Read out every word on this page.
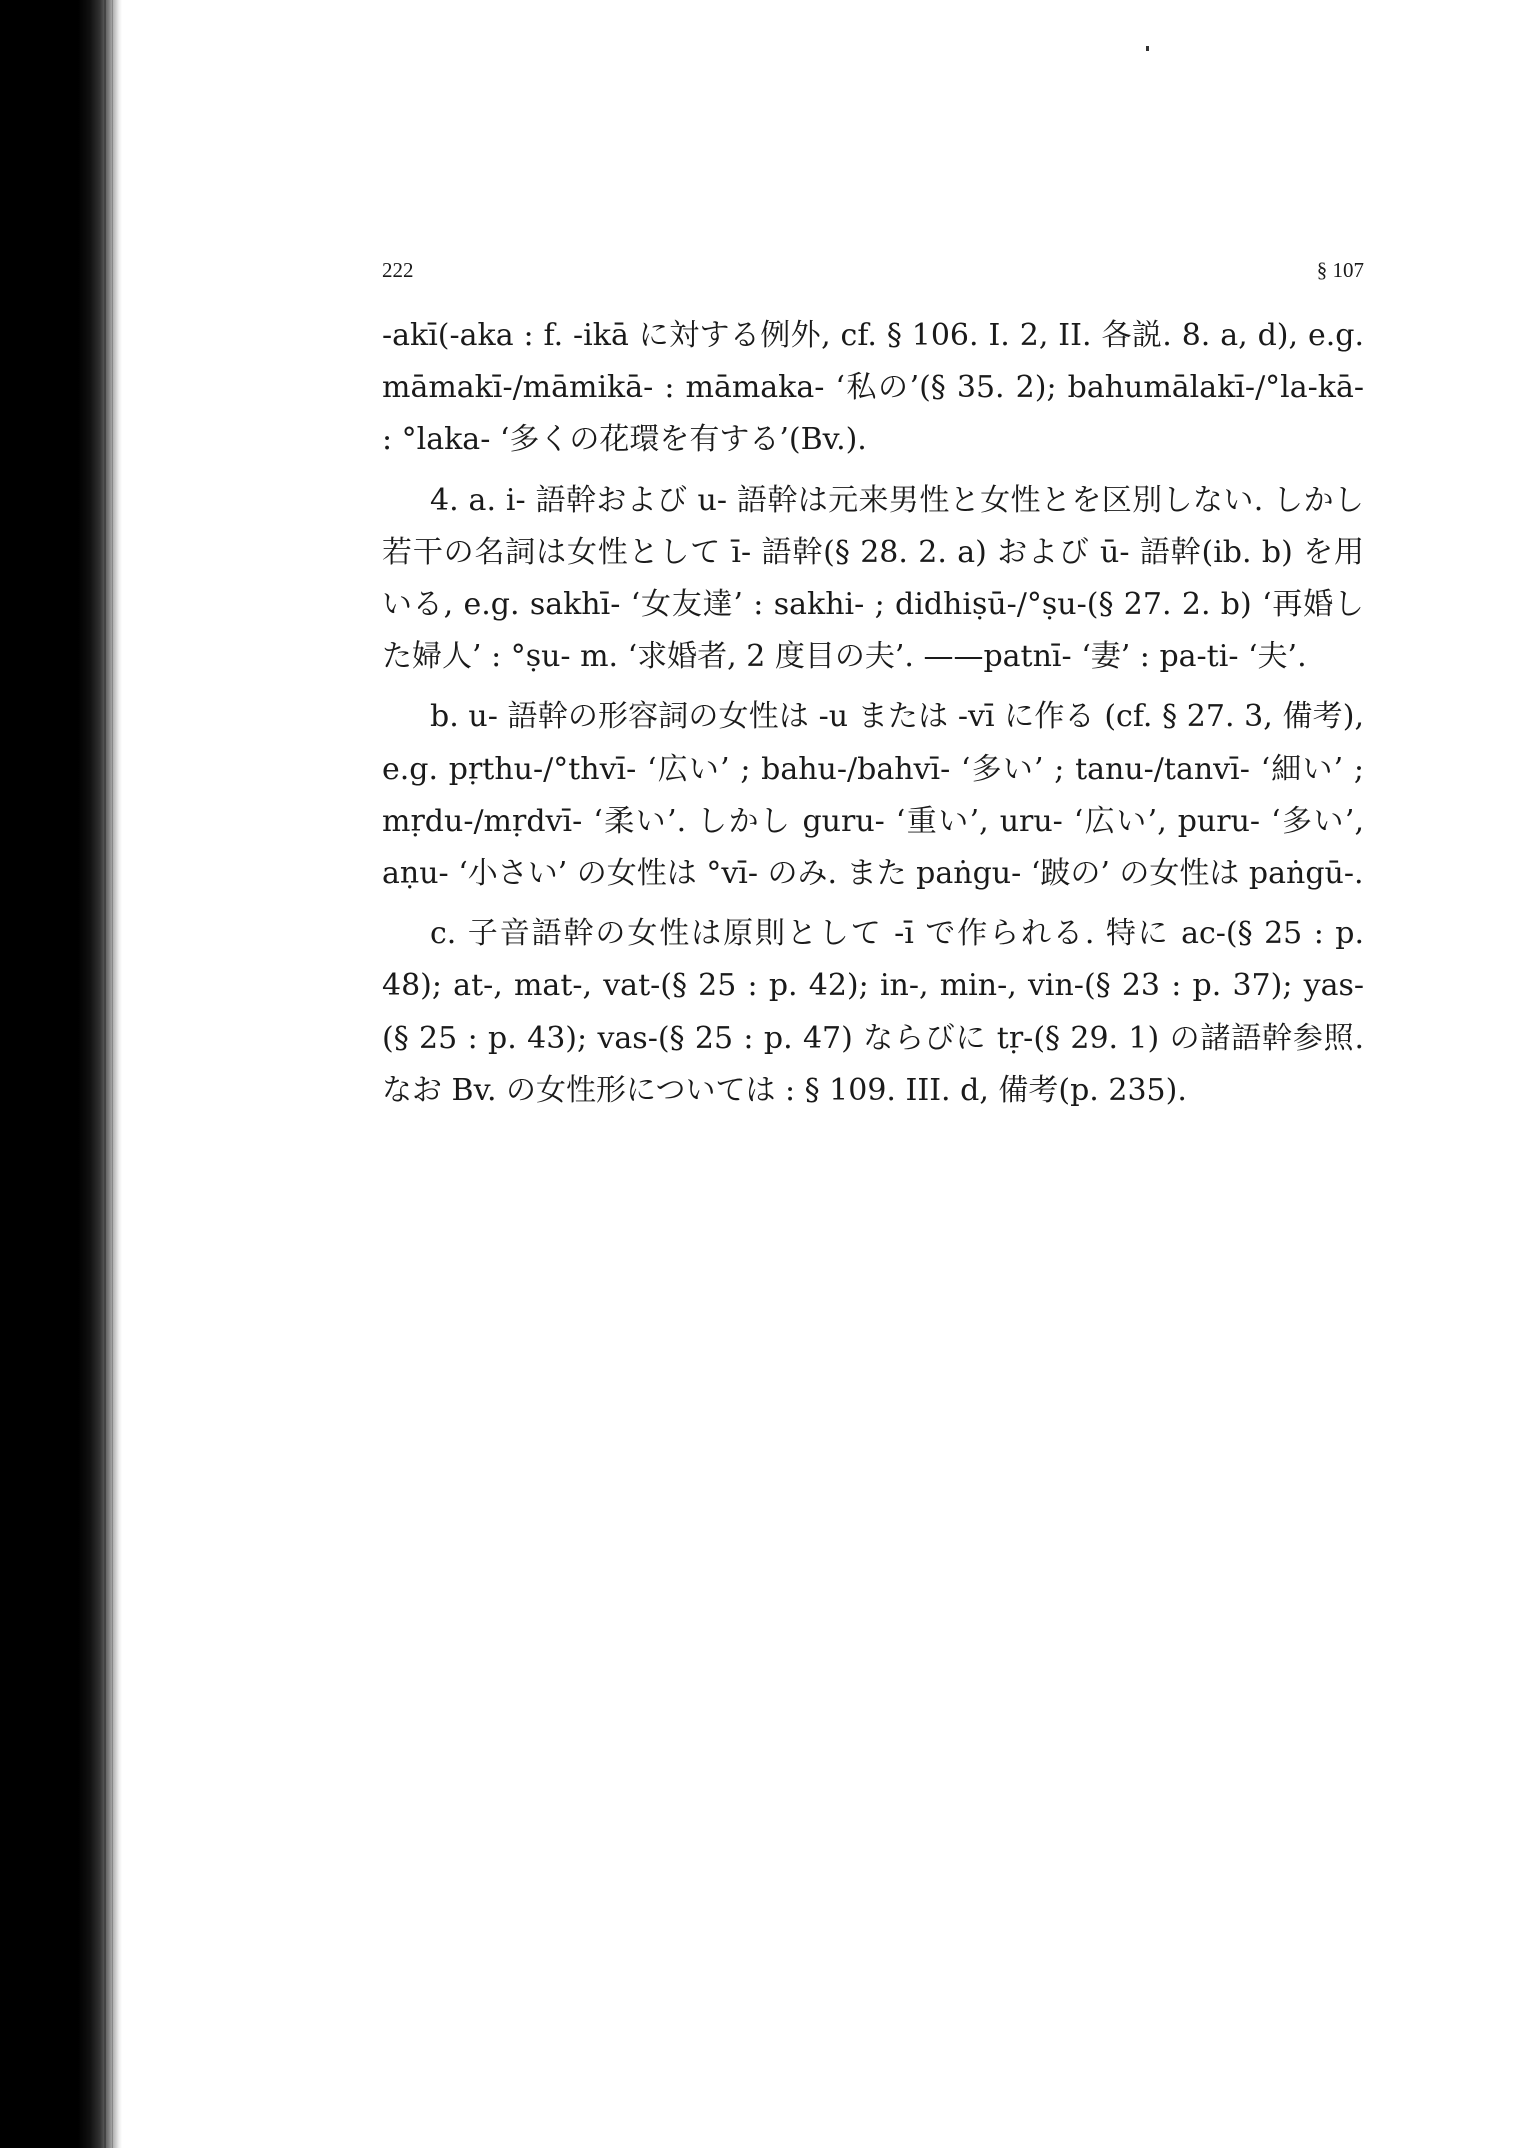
222	§ 107

-akī(-aka : f. -ikā に対する例外, cf. § 106. I. 2, II. 各説. 8. a, d), e.g. māmakī-/māmikā- : māmaka- ‘私の’(§ 35. 2); bahumālakī-/°la-kā- : °laka- ‘多くの花環を有する’(Bv.).

4. a. i- 語幹および u- 語幹は元来男性と女性とを区別しない. しかし若干の名詞は女性として ī- 語幹(§ 28. 2. a) および ū- 語幹(ib. b) を用いる, e.g. sakhī- ‘女友達’ : sakhi- ; didhiṣū-/°ṣu-(§ 27. 2. b) ‘再婚した婦人’ : °ṣu- m. ‘求婚者, 2 度目の夫’. ——patnī- ‘妻’ : pa-ti- ‘夫’.

b. u- 語幹の形容詞の女性は -u または -vī に作る (cf. § 27. 3, 備考), e.g. pṛthu-/°thvī- ‘広い’ ; bahu-/bahvī- ‘多い’ ; tanu-/tanvī- ‘細い’ ; mṛdu-/mṛdvī- ‘柔い’. しかし guru- ‘重い’, uru- ‘広い’, puru- ‘多い’, aṇu- ‘小さい’ の女性は °vī- のみ. また paṅgu- ‘跛の’ の女性は paṅgū-.

c. 子音語幹の女性は原則として -ī で作られる. 特に ac-(§ 25 : p. 48); at-, mat-, vat-(§ 25 : p. 42); in-, min-, vin-(§ 23 : p. 37); yas-(§ 25 : p. 43); vas-(§ 25 : p. 47) ならびに tṛ-(§ 29. 1) の諸語幹参照. なお Bv. の女性形については : § 109. III. d, 備考(p. 235).
